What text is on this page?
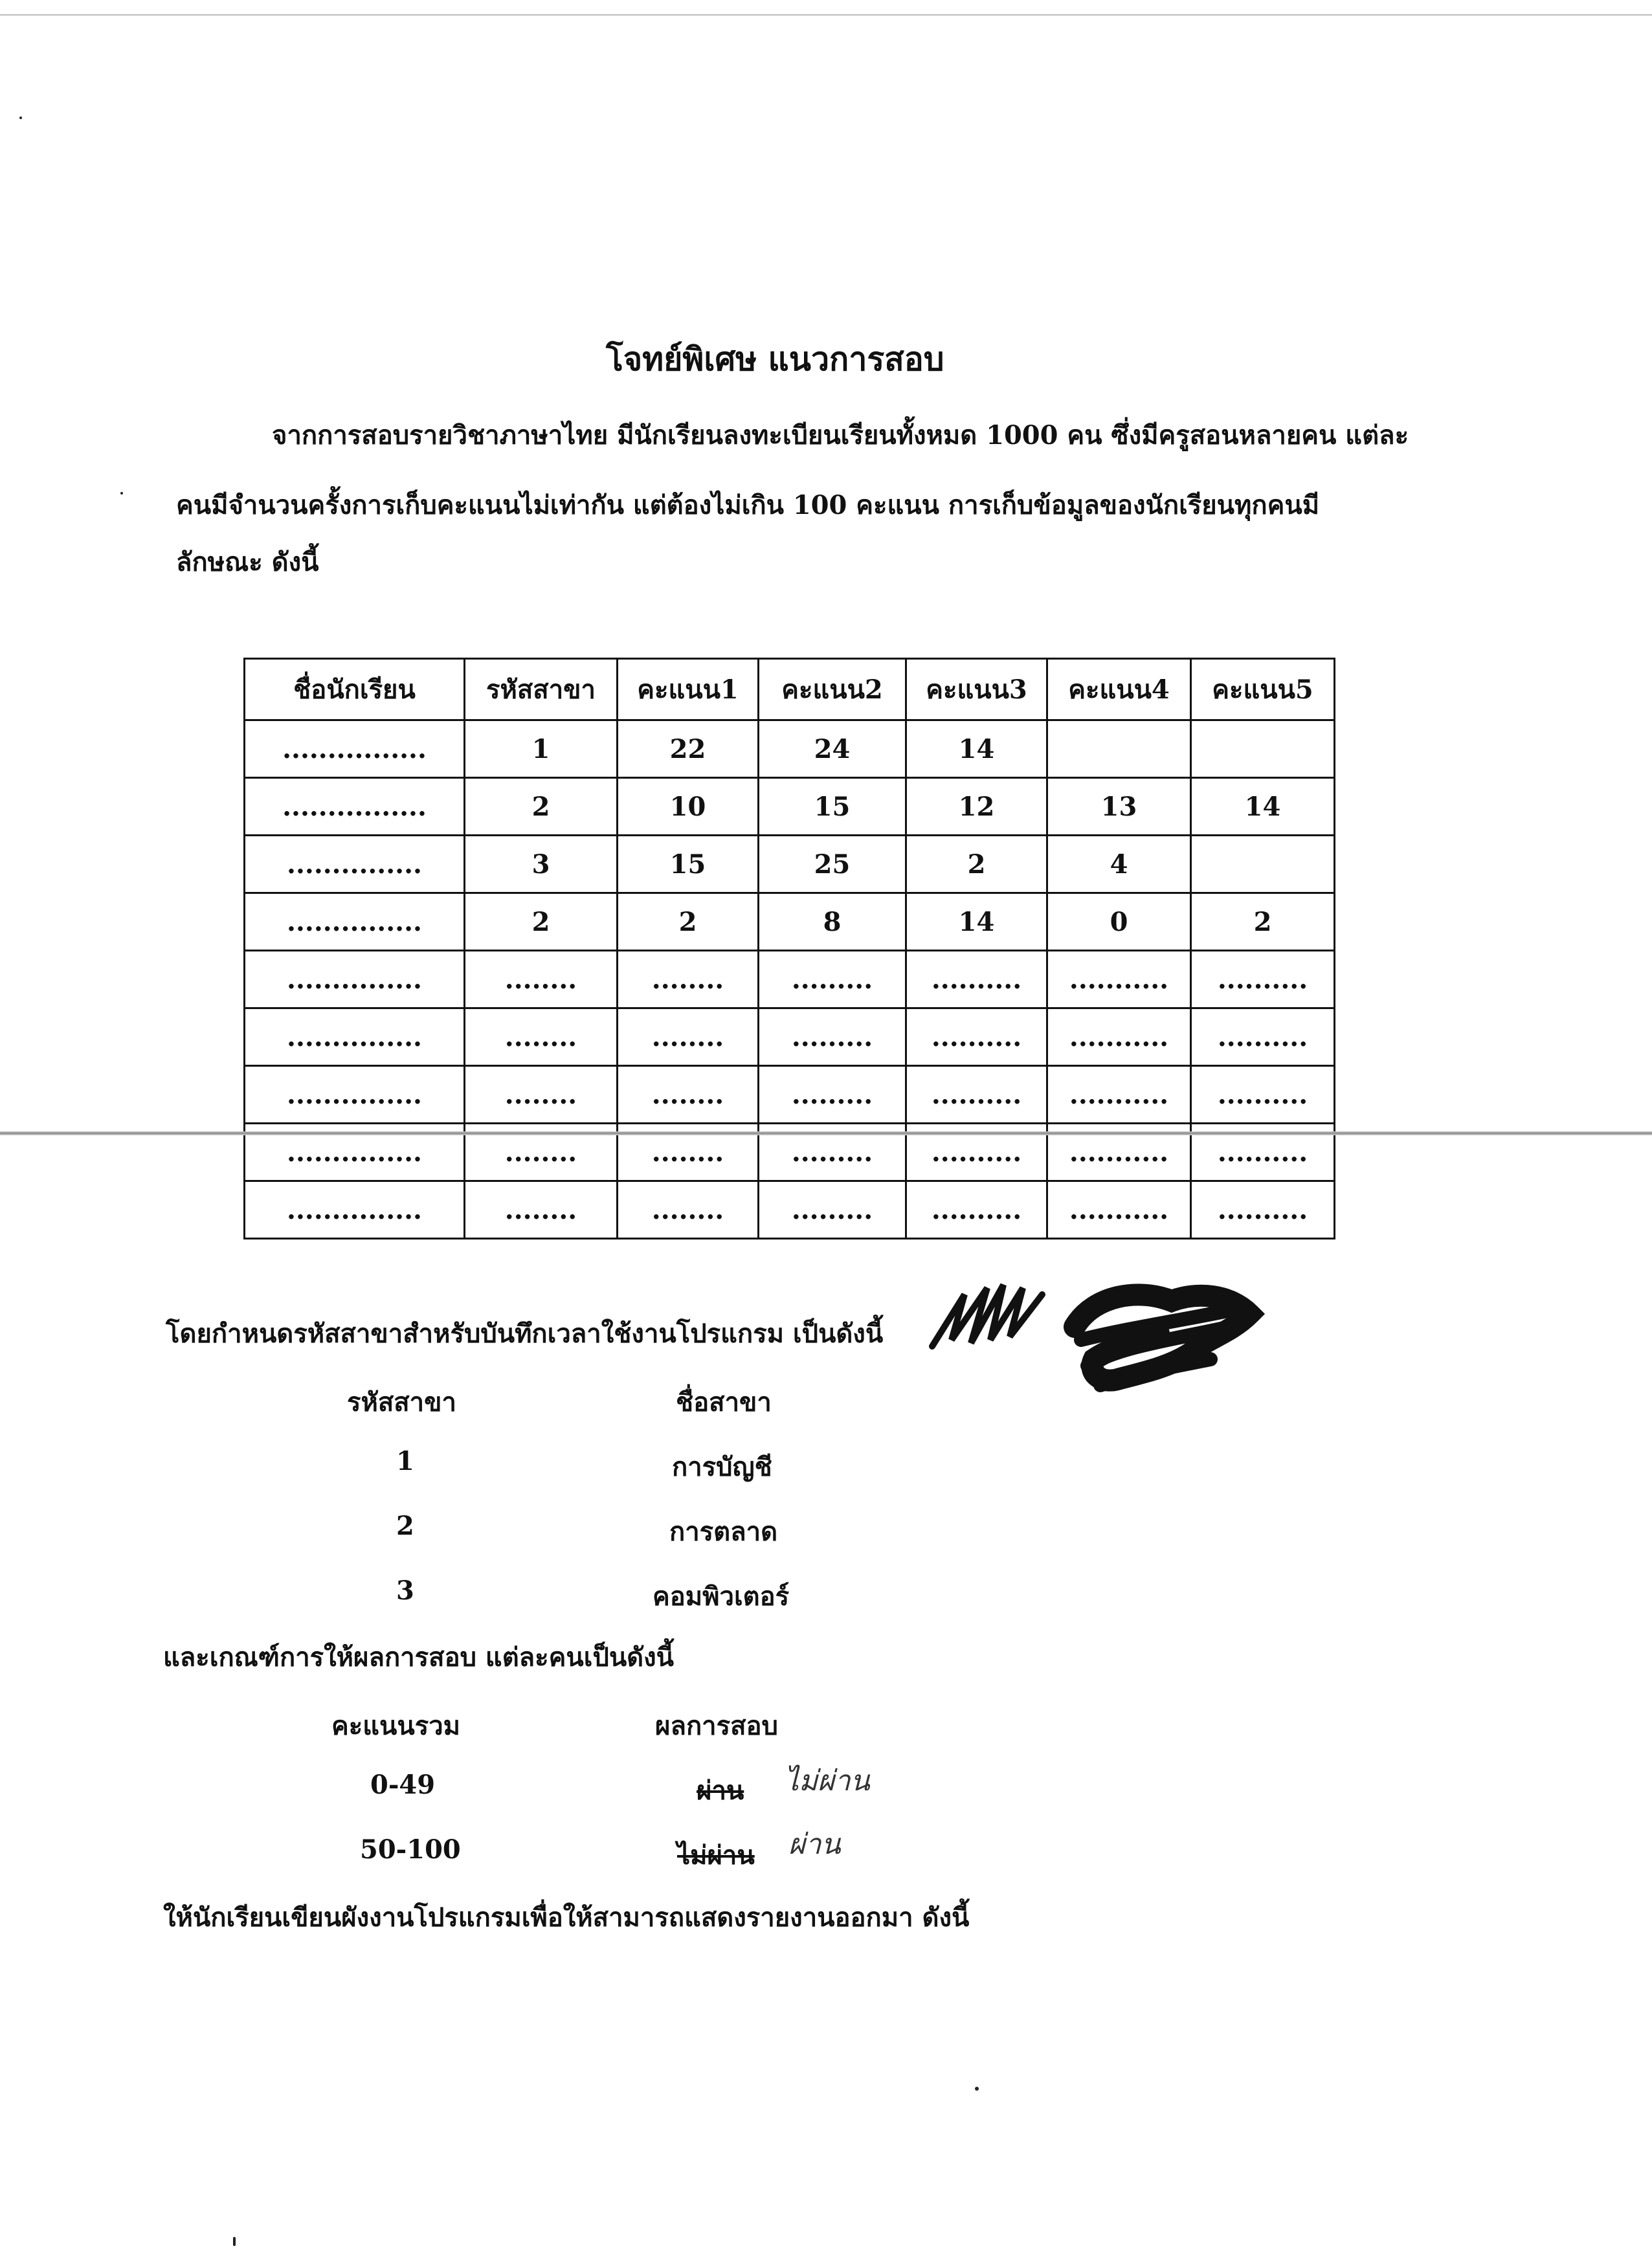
โจทย์พิเศษ แนวการสอบ
จากการสอบรายวิชาภาษาไทย มีนักเรียนลงทะเบียนเรียนทั้งหมด 1000 คน ซึ่งมีครูสอนหลายคน แต่ละ
คนมีจำนวนครั้งการเก็บคะแนนไม่เท่ากัน แต่ต้องไม่เกิน 100 คะแนน การเก็บข้อมูลของนักเรียนทุกคนมี
ลักษณะ ดังนี้
ชื่อนักเรียน	รหัสสาขา	คะแนน1	คะแนน2	คะแนน3	คะแนน4	คะแนน5
................	1	22	24	14		
................	2	10	15	12	13	14
...............	3	15	25	2	4	
...............	2	2	8	14	0	2
...............	........	........	.........	..........	...........	..........
...............	........	........	.........	..........	...........	..........
...............	........	........	.........	..........	...........	..........
...............	........	........	.........	..........	...........	..........
...............	........	........	.........	..........	...........	..........
โดยกำหนดรหัสสาขาสำหรับบันทึกเวลาใช้งานโปรแกรม เป็นดังนี้
รหัสสาขา	ชื่อสาขา
1	การบัญชี
2	การตลาด
3	คอมพิวเตอร์
และเกณฑ์การให้ผลการสอบ แต่ละคนเป็นดังนี้
คะแนนรวม	ผลการสอบ
0-49	ผ่าน ไม่ผ่าน
50-100	ไม่ผ่าน ผ่าน
ให้นักเรียนเขียนผังงานโปรแกรมเพื่อให้สามารถแสดงรายงานออกมา ดังนี้
